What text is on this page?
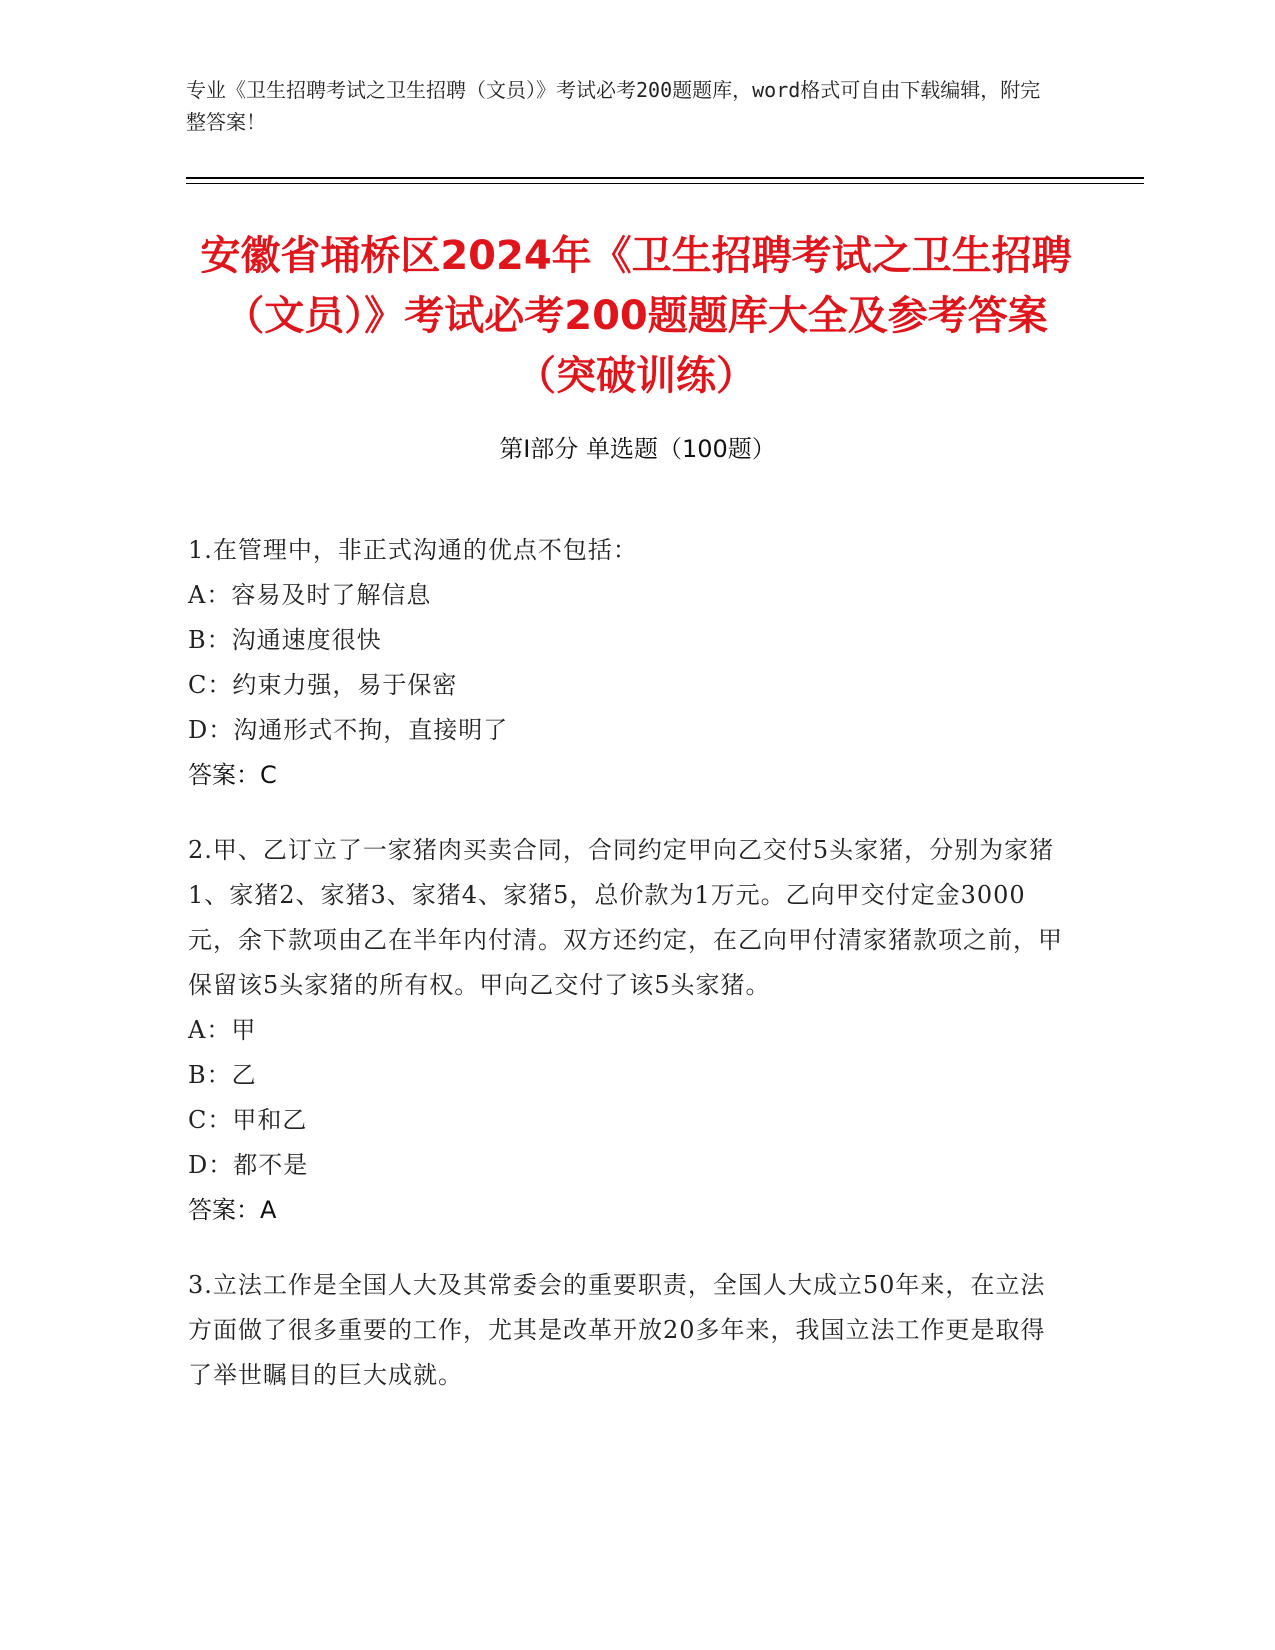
专业《卫生招聘考试之卫生招聘（文员）》考试必考200题题库，word格式可自由下载编辑，附完整答案！
安徽省埇桥区2024年《卫生招聘考试之卫生招聘（文员）》考试必考200题题库大全及参考答案（突破训练）
第Ⅰ部分 单选题（100题）
1.在管理中，非正式沟通的优点不包括：
A：容易及时了解信息
B：沟通速度很快
C：约束力强，易于保密
D：沟通形式不拘，直接明了
答案：C
2.甲、乙订立了一家猪肉买卖合同，合同约定甲向乙交付5头家猪，分别为家猪1、家猪2、家猪3、家猪4、家猪5，总价款为1万元。乙向甲交付定金3000元，余下款项由乙在半年内付清。双方还约定，在乙向甲付清家猪款项之前，甲保留该5头家猪的所有权。甲向乙交付了该5头家猪。
A：甲
B：乙
C：甲和乙
D：都不是
答案：A
3.立法工作是全国人大及其常委会的重要职责，全国人大成立50年来，在立法方面做了很多重要的工作，尤其是改革开放20多年来，我国立法工作更是取得了举世瞩目的巨大成就。
